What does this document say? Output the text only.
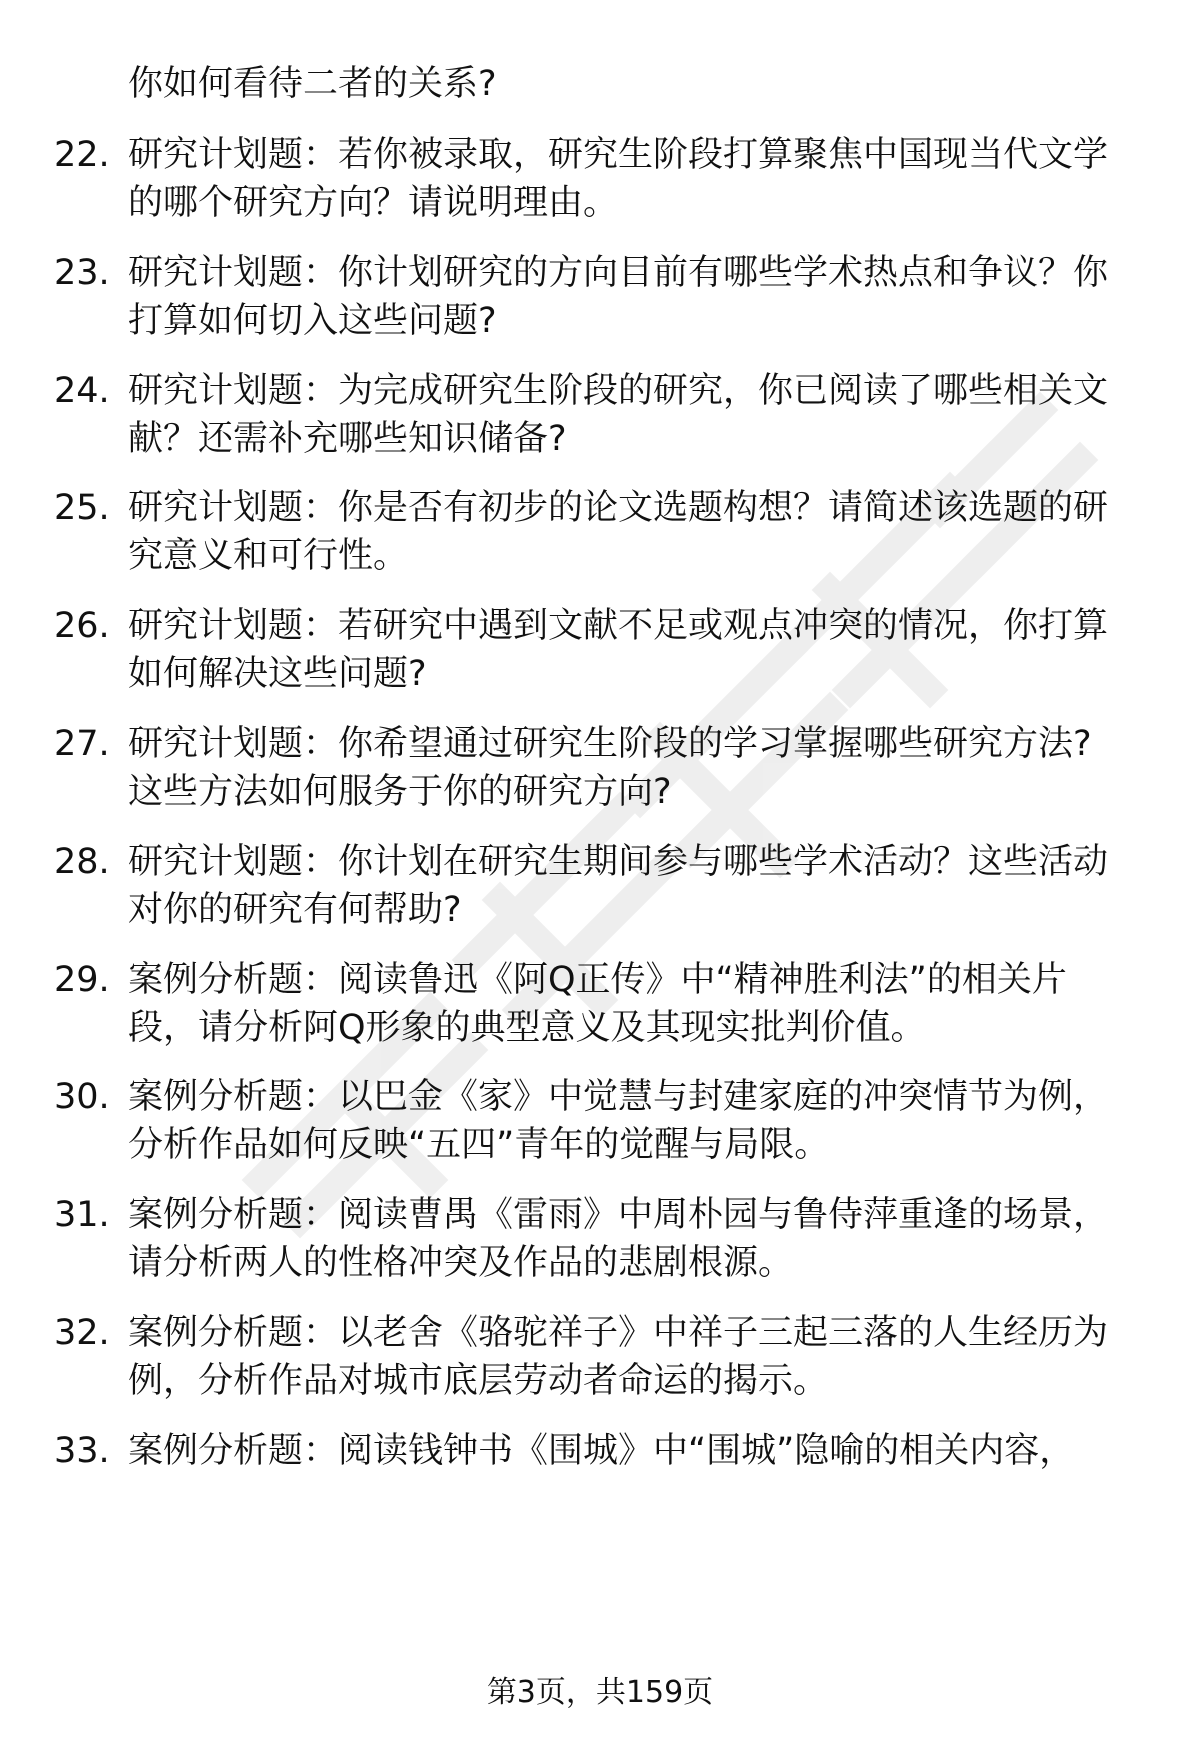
你如何看待二者的关系?
22. 研究计划题：若你被录取，研究生阶段打算聚焦中国现当代文学
的哪个研究方向？请说明理由。
23. 研究计划题：你计划研究的方向目前有哪些学术热点和争议？你
打算如何切入这些问题?
24. 研究计划题：为完成研究生阶段的研究，你已阅读了哪些相关文
献？还需补充哪些知识储备?
25. 研究计划题：你是否有初步的论文选题构想？请简述该选题的研
究意义和可行性。
26. 研究计划题：若研究中遇到文献不足或观点冲突的情况，你打算
如何解决这些问题?
27. 研究计划题：你希望通过研究生阶段的学习掌握哪些研究方法?
这些方法如何服务于你的研究方向?
28. 研究计划题：你计划在研究生期间参与哪些学术活动？这些活动
对你的研究有何帮助?
29. 案例分析题：阅读鲁迅《阿Q正传》中“精神胜利法”的相关片
段，请分析阿Q形象的典型意义及其现实批判价值。
30. 案例分析题：以巴金《家》中觉慧与封建家庭的冲突情节为例，
分析作品如何反映“五四”青年的觉醒与局限。
31. 案例分析题：阅读曹禺《雷雨》中周朴园与鲁侍萍重逢的场景，
请分析两人的性格冲突及作品的悲剧根源。
32. 案例分析题：以老舍《骆驼祥子》中祥子三起三落的人生经历为
例，分析作品对城市底层劳动者命运的揭示。
33. 案例分析题：阅读钱钟书《围城》中“围城”隐喻的相关内容，
第3页，共159页
